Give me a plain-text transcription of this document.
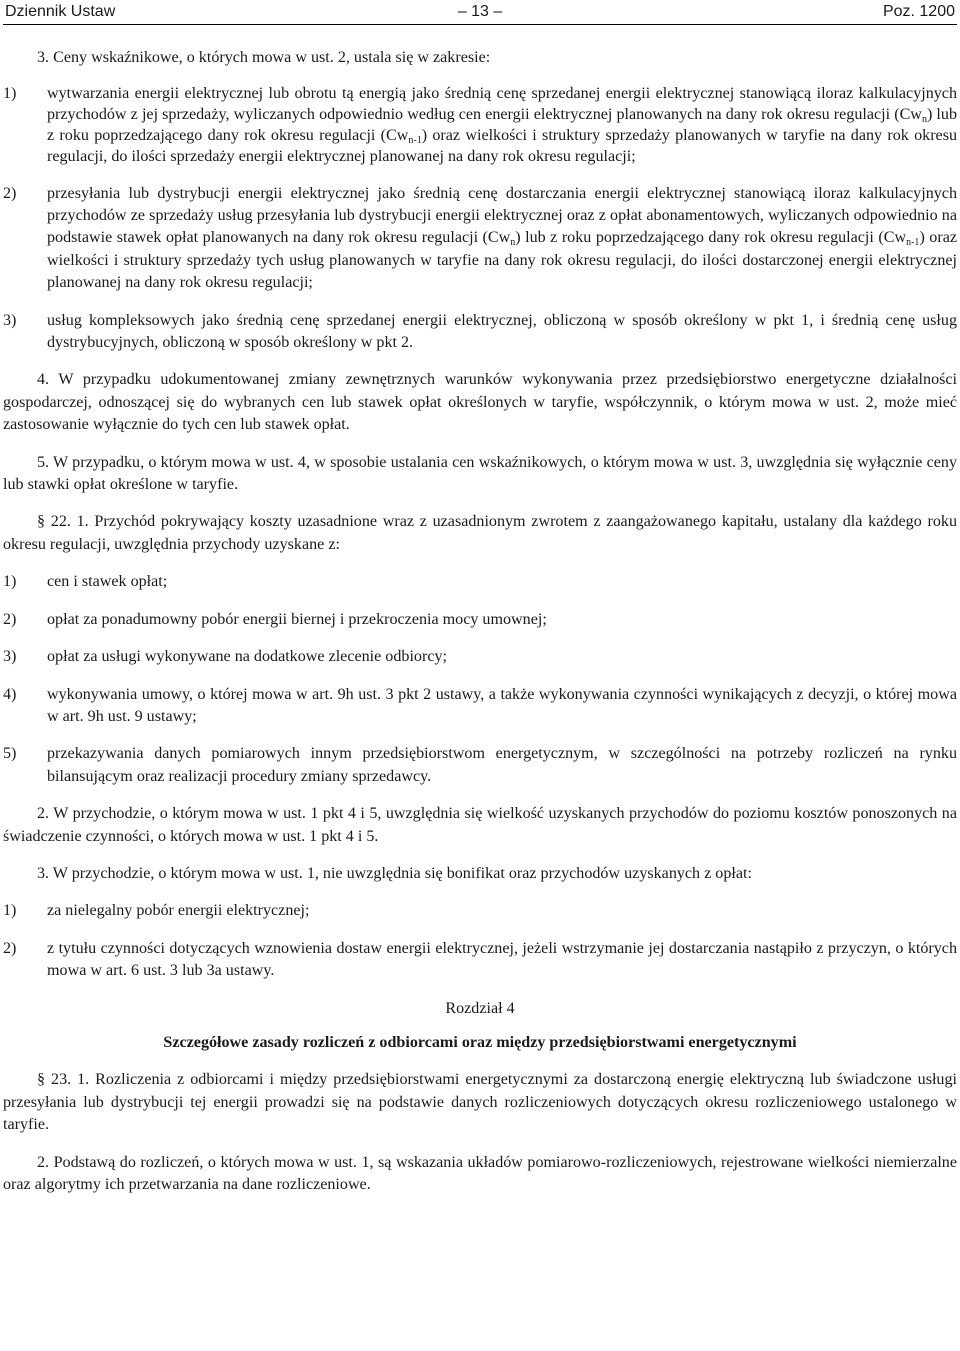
Dziennik Ustaw	– 13 –	Poz. 1200

3. Ceny wskaźnikowe, o których mowa w ust. 2, ustala się w zakresie:

1) wytwarzania energii elektrycznej lub obrotu tą energią jako średnią cenę sprzedanej energii elektrycznej stanowiącą iloraz kalkulacyjnych przychodów z jej sprzedaży, wyliczanych odpowiednio według cen energii elektrycznej planowanych na dany rok okresu regulacji $(Cw_n)$ lub z roku poprzedzającego dany rok okresu regulacji $(Cw_{n-1})$ oraz wielkości i struktury sprzedaży planowanych w taryfie na dany rok okresu regulacji, do ilości sprzedaży energii elektrycznej planowanej na dany rok okresu regulacji;
2) przesyłania lub dystrybucji energii elektrycznej jako średnią cenę dostarczania energii elektrycznej stanowiącą iloraz kalkulacyjnych przychodów ze sprzedaży usług przesyłania lub dystrybucji energii elektrycznej oraz z opłat abonamentowych, wyliczanych odpowiednio na podstawie stawek opłat planowanych na dany rok okresu regulacji $(Cw_n)$ lub z roku poprzedzającego dany rok okresu regulacji $(Cw_{n-1})$ oraz wielkości i struktury sprzedaży tych usług planowanych w taryfie na dany rok okresu regulacji, do ilości dostarczonej energii elektrycznej planowanej na dany rok okresu regulacji;
3) usług kompleksowych jako średnią cenę sprzedanej energii elektrycznej, obliczoną w sposób określony w pkt 1, i średnią cenę usług dystrybucyjnych, obliczoną w sposób określony w pkt 2.

4. W przypadku udokumentowanej zmiany zewnętrznych warunków wykonywania przez przedsiębiorstwo energetyczne działalności gospodarczej, odnoszącej się do wybranych cen lub stawek opłat określonych w taryfie, współczynnik, o którym mowa w ust. 2, może mieć zastosowanie wyłącznie do tych cen lub stawek opłat.

5. W przypadku, o którym mowa w ust. 4, w sposobie ustalania cen wskaźnikowych, o którym mowa w ust. 3, uwzględnia się wyłącznie ceny lub stawki opłat określone w taryfie.

§ 22. 1. Przychód pokrywający koszty uzasadnione wraz z uzasadnionym zwrotem z zaangażowanego kapitału, ustalany dla każdego roku okresu regulacji, uwzględnia przychody uzyskane z:

1) cen i stawek opłat;
2) opłat za ponadumowny pobór energii biernej i przekroczenia mocy umownej;
3) opłat za usługi wykonywane na dodatkowe zlecenie odbiorcy;
4) wykonywania umowy, o której mowa w art. 9h ust. 3 pkt 2 ustawy, a także wykonywania czynności wynikających z decyzji, o której mowa w art. 9h ust. 9 ustawy;
5) przekazywania danych pomiarowych innym przedsiębiorstwom energetycznym, w szczególności na potrzeby rozliczeń na rynku bilansującym oraz realizacji procedury zmiany sprzedawcy.

2. W przychodzie, o którym mowa w ust. 1 pkt 4 i 5, uwzględnia się wielkość uzyskanych przychodów do poziomu kosztów ponoszonych na świadczenie czynności, o których mowa w ust. 1 pkt 4 i 5.

3. W przychodzie, o którym mowa w ust. 1, nie uwzględnia się bonifikat oraz przychodów uzyskanych z opłat:

1) za nielegalny pobór energii elektrycznej;
2) z tytułu czynności dotyczących wznowienia dostaw energii elektrycznej, jeżeli wstrzymanie jej dostarczania nastąpiło z przyczyn, o których mowa w art. 6 ust. 3 lub 3a ustawy.

Rozdział 4

Szczegółowe zasady rozliczeń z odbiorcami oraz między przedsiębiorstwami energetycznymi

§ 23. 1. Rozliczenia z odbiorcami i między przedsiębiorstwami energetycznymi za dostarczoną energię elektryczną lub świadczone usługi przesyłania lub dystrybucji tej energii prowadzi się na podstawie danych rozliczeniowych dotyczących okresu rozliczeniowego ustalonego w taryfie.

2. Podstawą do rozliczeń, o których mowa w ust. 1, są wskazania układów pomiarowo-rozliczeniowych, rejestrowane wielkości niemierzalne oraz algorytmy ich przetwarzania na dane rozliczeniowe.
